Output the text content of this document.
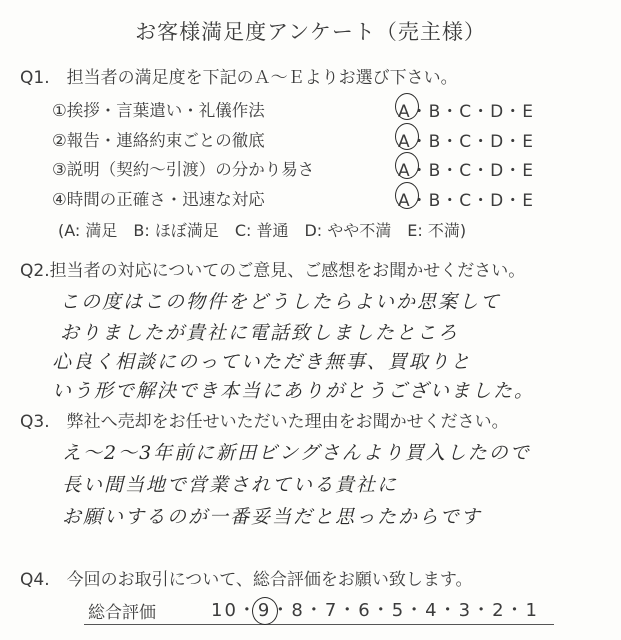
お客様満足度アンケート（売主様）
Q1.　担当者の満足度を下記のＡ～Ｅよりお選び下さい。
①挨拶・言葉遣い・礼儀作法	A・B・C・D・E
②報告・連絡約束ごとの徹底	A・B・C・D・E
③説明（契約～引渡）の分かり易さ	A・B・C・D・E
④時間の正確さ・迅速な対応	A・B・C・D・E
(A: 満足　B: ほぼ満足　C: 普通　D: やや不満　E: 不満)
Q2.担当者の対応についてのご意見、ご感想をお聞かせください。
この度はこの物件をどうしたらよいか思案して
おりましたが貴社に電話致しましたところ
心良く相談にのっていただき無事、買取りと
いう形で解決でき本当にありがとうございました。
Q3.　弊社へ売却をお任せいただいた理由をお聞かせください。
え～2～3年前に新田ビングさんより買入したので
長い間当地で営業されている貴社に
お願いするのが一番妥当だと思ったからです
Q4.　今回のお取引について、総合評価をお願い致します。
総合評価	10・9
・8・7・6・5・4・3・2・1
